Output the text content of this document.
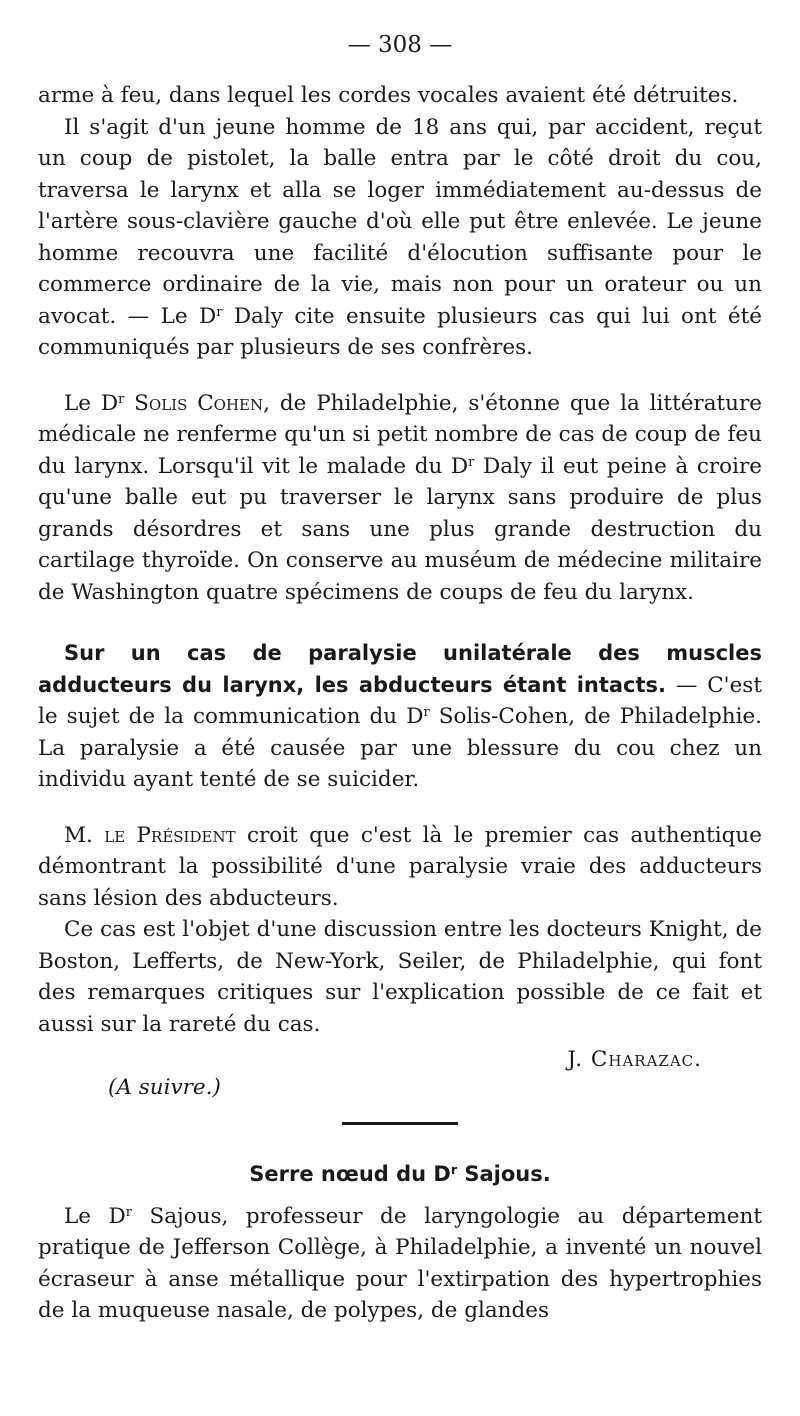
— 308 —

arme à feu, dans lequel les cordes vocales avaient été détruites.

Il s'agit d'un jeune homme de 18 ans qui, par accident, reçut un coup de pistolet, la balle entra par le côté droit du cou, traversa le larynx et alla se loger immédiatement au-dessus de l'artère sous-clavière gauche d'où elle put être enlevée. Le jeune homme recouvra une facilité d'élocution suffisante pour le commerce ordinaire de la vie, mais non pour un orateur ou un avocat. — Le $D^r$ Daly cite ensuite plusieurs cas qui lui ont été communiqués par plusieurs de ses confrères.

Le $D^r$ Solis Cohen, de Philadelphie, s'étonne que la littérature médicale ne renferme qu'un si petit nombre de cas de coup de feu du larynx. Lorsqu'il vit le malade du $D^r$ Daly il eut peine à croire qu'une balle eut pu traverser le larynx sans produire de plus grands désordres et sans une plus grande destruction du cartilage thyroïde. On conserve au muséum de médecine militaire de Washington quatre spécimens de coups de feu du larynx.

Sur un cas de paralysie unilatérale des muscles adducteurs du larynx, les abducteurs étant intacts. — C'est le sujet de la communication du $D^r$ Solis-Cohen, de Philadelphie. La paralysie a été causée par une blessure du cou chez un individu ayant tenté de se suicider.

M. le Président croit que c'est là le premier cas authentique démontrant la possibilité d'une paralysie vraie des adducteurs sans lésion des abducteurs.

Ce cas est l'objet d'une discussion entre les docteurs Knight, de Boston, Lefferts, de New-York, Seiler, de Philadelphie, qui font des remarques critiques sur l'explication possible de ce fait et aussi sur la rareté du cas.

J. Charazac.
(A suivre.)
Serre nœud du $D^r$ Sajous.

Le $D^r$ Sajous, professeur de laryngologie au département pratique de Jefferson Collège, à Philadelphie, a inventé un nouvel écraseur à anse métallique pour l'extirpation des hypertrophies de la muqueuse nasale, de polypes, de glandes
